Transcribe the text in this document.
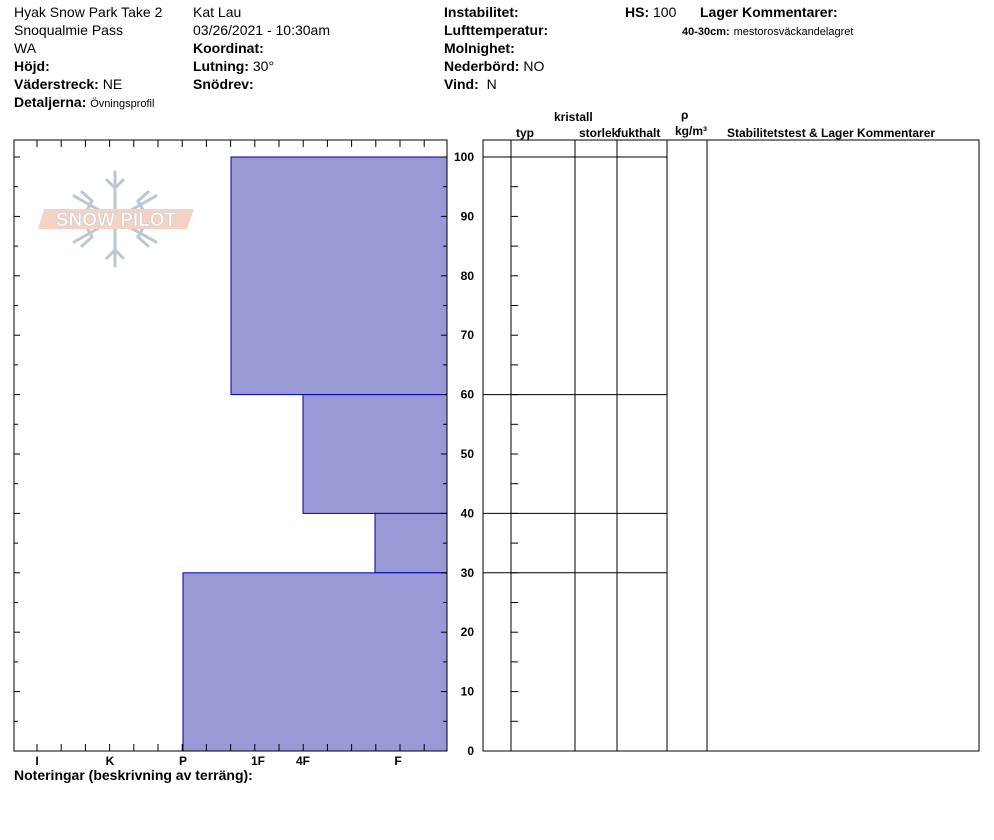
Hyak Snow Park Take 2
Snoqualmie Pass
WA
Höjd:
Väderstreck: NE
Detaljerna: Övningsprofil
Kat Lau
03/26/2021 - 10:30am
Koordinat:
Lutning: 30°
Snödrev:
Instabilitet:
Lufttemperatur:
Molnighet:
Nederbörd: NO
Vind: N
HS: 100 Lager Kommentarer:
40-30cm: mestorosväckandelagret
kristall
typ	storlek
fukthalt
ρ
kg/m³ Stabilitetstest & Lager Kommentarer
SNOW PILOT
0
10
20
30
40
50
60
70
80
90
100
I	K	P	1F	4F	F
Noteringar (beskrivning av terräng):
